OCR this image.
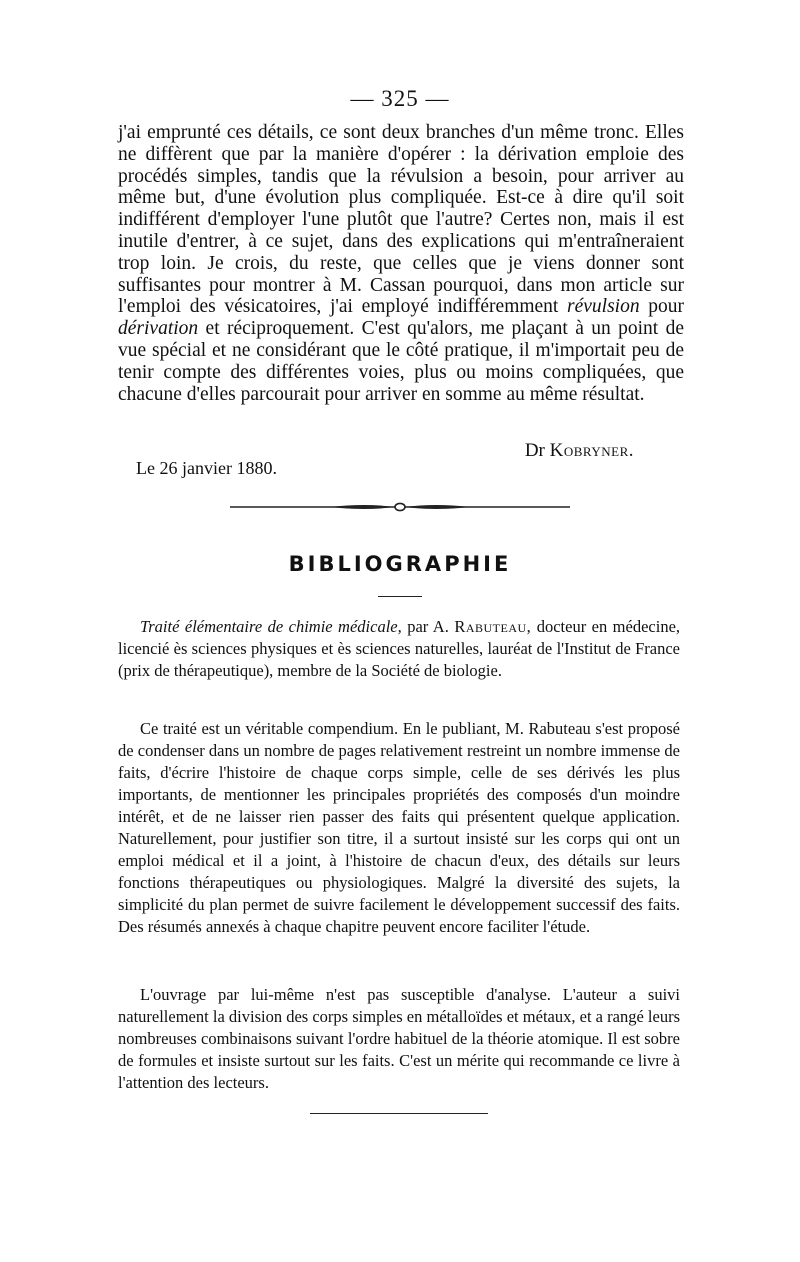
— 325 —

j'ai emprunté ces détails, ce sont deux branches d'un même tronc. Elles ne diffèrent que par la manière d'opérer : la dérivation emploie des procédés simples, tandis que la révulsion a besoin, pour arriver au même but, d'une évolution plus compliquée. Est-ce à dire qu'il soit indifférent d'employer l'une plutôt que l'autre? Certes non, mais il est inutile d'entrer, à ce sujet, dans des explications qui m'entraîneraient trop loin. Je crois, du reste, que celles que je viens donner sont suffisantes pour montrer à M. Cassan pourquoi, dans mon article sur l'emploi des vésicatoires, j'ai employé indifféremment révulsion pour dérivation et réciproquement. C'est qu'alors, me plaçant à un point de vue spécial et ne considérant que le côté pratique, il m'importait peu de tenir compte des différentes voies, plus ou moins compliquées, que chacune d'elles parcourait pour arriver en somme au même résultat.

Dr Kobryner.
Le 26 janvier 1880.
BIBLIOGRAPHIE

Traité élémentaire de chimie médicale, par A. Rabuteau, docteur en médecine, licencié ès sciences physiques et ès sciences naturelles, lauréat de l'Institut de France (prix de thérapeutique), membre de la Société de biologie.

Ce traité est un véritable compendium. En le publiant, M. Rabuteau s'est proposé de condenser dans un nombre de pages relativement restreint un nombre immense de faits, d'écrire l'histoire de chaque corps simple, celle de ses dérivés les plus importants, de mentionner les principales propriétés des composés d'un moindre intérêt, et de ne laisser rien passer des faits qui présentent quelque application. Naturellement, pour justifier son titre, il a surtout insisté sur les corps qui ont un emploi médical et il a joint, à l'histoire de chacun d'eux, des détails sur leurs fonctions thérapeutiques ou physiologiques. Malgré la diversité des sujets, la simplicité du plan permet de suivre facilement le développement successif des faits. Des résumés annexés à chaque chapitre peuvent encore faciliter l'étude.

L'ouvrage par lui-même n'est pas susceptible d'analyse. L'auteur a suivi naturellement la division des corps simples en métalloïdes et métaux, et a rangé leurs nombreuses combinaisons suivant l'ordre habituel de la théorie atomique. Il est sobre de formules et insiste surtout sur les faits. C'est un mérite qui recommande ce livre à l'attention des lecteurs.
